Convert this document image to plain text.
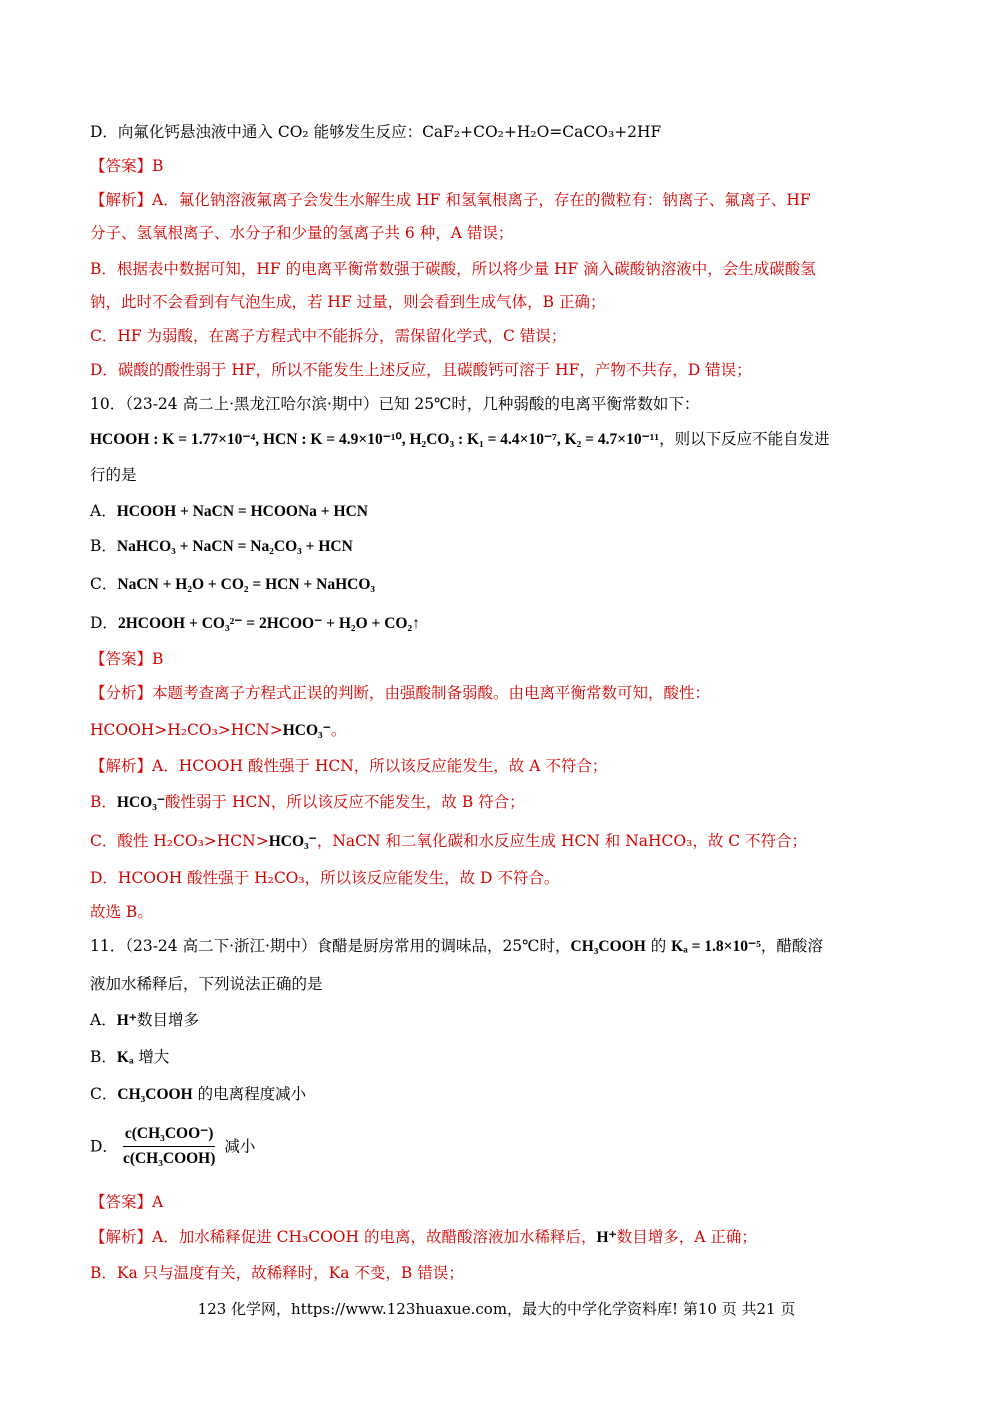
D．向氟化钙悬浊液中通入 CO₂ 能够发生反应：CaF₂+CO₂+H₂O=CaCO₃+2HF
【答案】B
【解析】A．氟化钠溶液氟离子会发生水解生成 HF 和氢氧根离子，存在的微粒有：钠离子、氟离子、HF
分子、氢氧根离子、水分子和少量的氢离子共 6 种，A 错误；
B．根据表中数据可知，HF 的电离平衡常数强于碳酸，所以将少量 HF 滴入碳酸钠溶液中，会生成碳酸氢
钠，此时不会看到有气泡生成，若 HF 过量，则会看到生成气体，B 正确；
C．HF 为弱酸，在离子方程式中不能拆分，需保留化学式，C 错误；
D．碳酸的酸性弱于 HF，所以不能发生上述反应，且碳酸钙可溶于 HF，产物不共存，D 错误；
10．（23-24 高二上·黑龙江哈尔滨·期中）已知 25℃时，几种弱酸的电离平衡常数如下：
HCOOH : K = 1.77×10⁻⁴, HCN : K = 4.9×10⁻¹⁰, H₂CO₃ : K₁ = 4.4×10⁻⁷, K₂ = 4.7×10⁻¹¹，则以下反应不能自发进
行的是
A．HCOOH + NaCN = HCOONa + HCN
B．NaHCO₃ + NaCN = Na₂CO₃ + HCN
C．NaCN + H₂O + CO₂ = HCN + NaHCO₃
D．2HCOOH + CO₃²⁻ = 2HCOO⁻ + H₂O + CO₂↑
【答案】B
【分析】本题考查离子方程式正误的判断，由强酸制备弱酸。由电离平衡常数可知，酸性：
HCOOH>H₂CO₃>HCN>HCO₃⁻。
【解析】A．HCOOH 酸性强于 HCN，所以该反应能发生，故 A 不符合；
B．HCO₃⁻酸性弱于 HCN，所以该反应不能发生，故 B 符合；
C．酸性 H₂CO₃>HCN>HCO₃⁻，NaCN 和二氧化碳和水反应生成 HCN 和 NaHCO₃，故 C 不符合；
D．HCOOH 酸性强于 H₂CO₃，所以该反应能发生，故 D 不符合。
故选 B。
11．（23-24 高二下·浙江·期中）食醋是厨房常用的调味品，25℃时，CH₃COOH 的 Kₐ = 1.8×10⁻⁵，醋酸溶
液加水稀释后，下列说法正确的是
A．H⁺数目增多
B．Kₐ 增大
C．CH₃COOH 的电离程度减小
D． $\frac{\text{c(CH₃COO⁻)}}{\text{c(CH₃COOH)}}$ 减小
【答案】A
【解析】A．加水稀释促进 CH₃COOH 的电离，故醋酸溶液加水稀释后，H⁺数目增多，A 正确；
B．Ka 只与温度有关，故稀释时，Ka 不变，B 错误；
123 化学网，https://www.123huaxue.com，最大的中学化学资料库! 第10 页 共21 页
